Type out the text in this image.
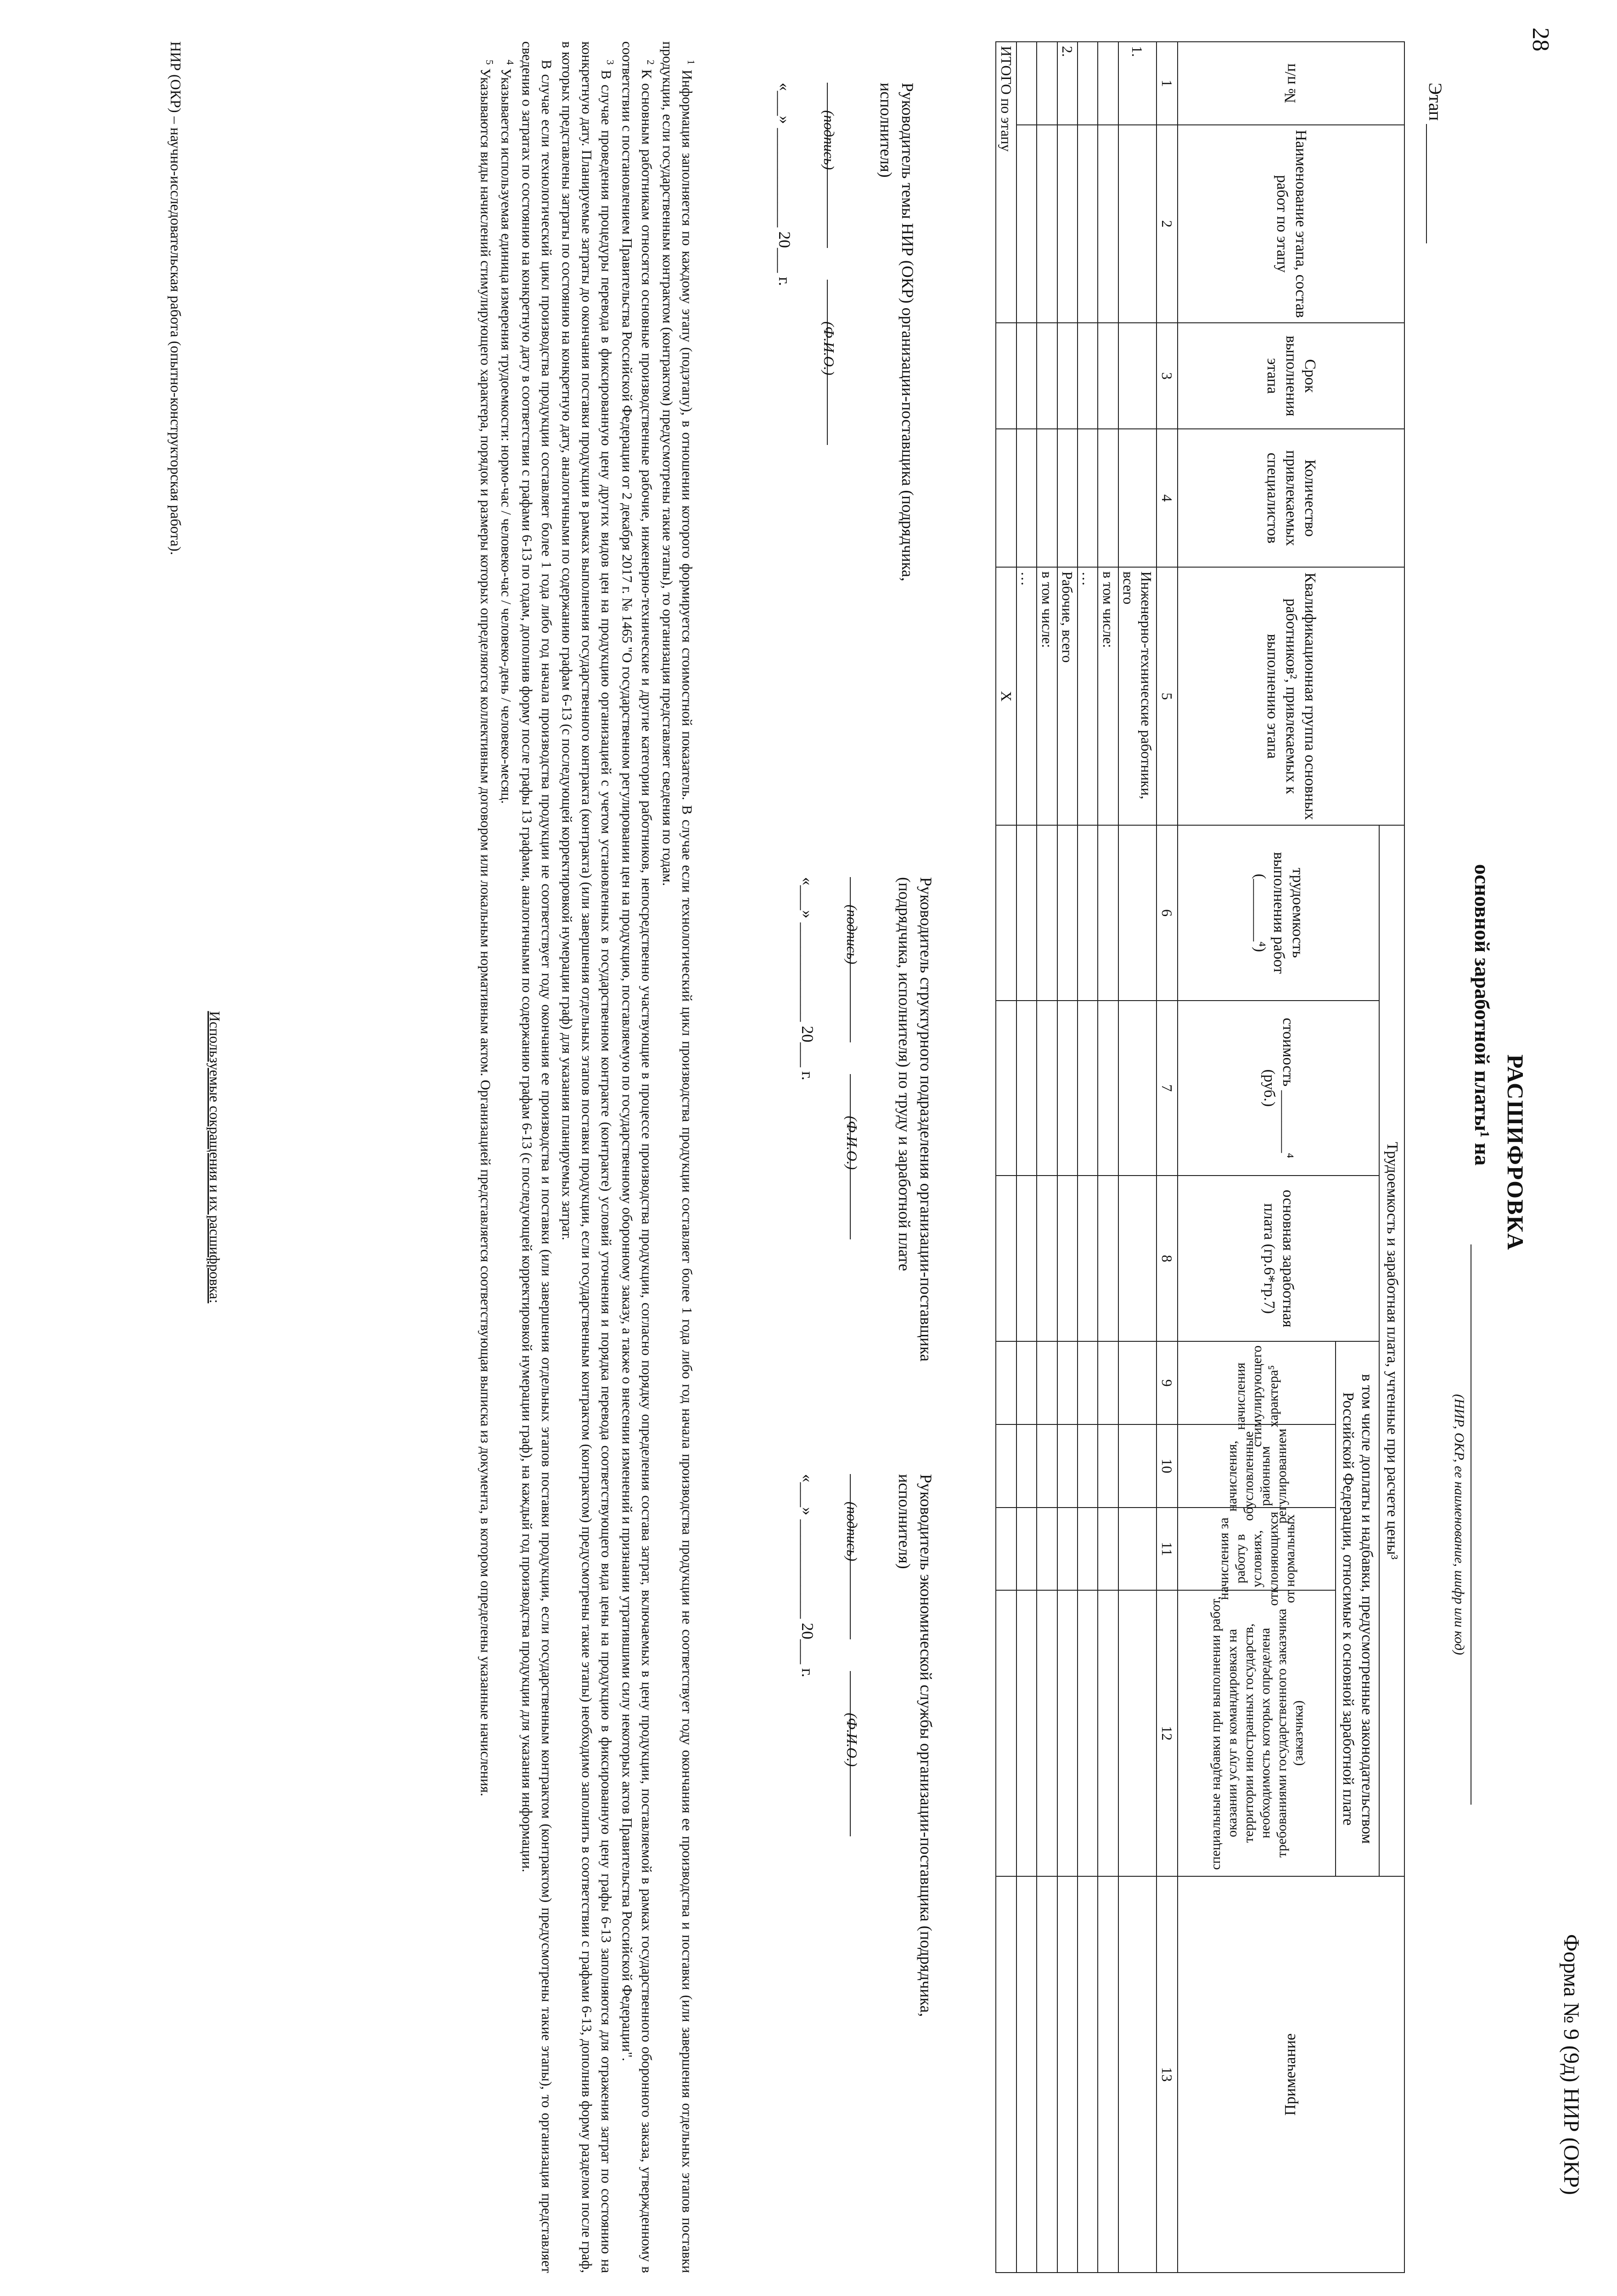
28
Форма № 9 (9д) НИР (ОКР)
РАСШИФРОВКА
основной заработной платы¹ на
(НИР, ОКР, ее наименование, шифр или код)
Этап
№ п/п	Наименование этапа, состав работ по этапу	Срок выполнения этапа	Количество привлекаемых специалистов	Квалификационная группа основных работников², привлекаемых к выполнению этапа	Трудоемкость и заработная плата, учтенные при расчете цены³							Примечание
					трудоемкость выполнения работ (________⁴)	стоимость ________⁴ (руб.)	основная заработная плата (гр.6*гр.7)	в том числе доплаты и надбавки, предусмотренные законодательством Российской Федерации, относимые к основной заработной плате				
								начисления стимулирующего характера⁵	начисления, обусловленные районным регулированием	начисления за работу в условиях, отклоняющихся от нормальных	специальные надбавки при выполнении работ, оказании услуг в командировках на территории иностранных государств, необходимость которых определена требованиями государственного заказчика (заказчика)	
1	2	3	4	5	6	7	8	9	10	11	12	13
1.				Инженерно-технические работники, всего								
				в том числе:								
				…								
2.				Рабочие, всего								
				в том числе:								
				…								
ИТОГО по этапу				Х								
Руководитель темы НИР (ОКР) организации-поставщика (подрядчика, исполнителя)

(подпись)
(Ф.И.О.)
«___» ____________ 20___ г.
Руководитель структурного подразделения организации-поставщика (подрядчика, исполнителя) по труду и заработной плате

(подпись)
(Ф.И.О.)
«___» ____________ 20___ г.
Руководитель экономической службы организации-поставщика (подрядчика, исполнителя)

(подпись)
(Ф.И.О.)
«___» ____________ 20___ г.

$^1$ Информация заполняется по каждому этапу (подэтапу), в отношении которого формируется стоимостной показатель. В случае если технологический цикл производства продукции составляет более 1 года либо год начала производства продукции не соответствует году окончания ее производства и поставки (или завершения отдельных этапов поставки продукции, если государственным контрактом (контрактом) предусмотрены такие этапы), то организация представляет сведения по годам.

$^2$ К основным работникам относятся основные производственные рабочие, инженерно-технические и другие категории работников, непосредственно участвующие в процессе производства продукции, согласно порядку определения состава затрат, включаемых в цену продукции, поставляемой в рамках государственного оборонного заказа, утвержденному в соответствии с постановлением Правительства Российской Федерации от 2 декабря 2017 г. № 1465 "О государственном регулировании цен на продукцию, поставляемую по государственному оборонному заказу, а также о внесении изменений и признании утратившими силу некоторых актов Правительства Российской Федерации".

$^3$ В случае проведения процедуры перевода в фиксированную цену других видов цен на продукцию организацией с учетом установленных в государственном контракте (контракте) условий уточнения и порядка перевода соответствующего вида цены на продукцию в фиксированную цену графы 6-13 заполняются для отражения затрат по состоянию на конкретную дату. Планируемые затраты до окончания поставки продукции в рамках выполнения государственного контракта (контракта) (или завершения отдельных этапов поставки продукции, если государственным контрактом (контрактом) предусмотрены такие этапы) необходимо заполнить в соответствии с графами 6-13, дополнив форму разделом после граф, в которых представлены затраты по состоянию на конкретную дату, аналогичными по содержанию графам 6-13 (с последующей корректировкой нумерации граф) для указания планируемых затрат.

В случае если технологический цикл производства продукции составляет более 1 года либо год начала производства продукции не соответствует году окончания ее производства и поставки (или завершения отдельных этапов поставки продукции, если государственным контрактом (контрактом) предусмотрены такие этапы), то организация представляет сведения о затратах по состоянию на конкретную дату в соответствии с графами 6-13 по годам, дополнив форму после графы 13 графами, аналогичными по содержанию графам 6-13 (с последующей корректировкой нумерации граф), на каждый год производства продукции для указания информации.

$^4$ Указывается используемая единица измерения трудоемкости: нормо-час / человеко-час / человеко-день / человеко-месяц.

$^5$ Указываются виды начислений стимулирующего характера, порядок и размеры которых определяются коллективным договором или локальным нормативным актом. Организацией представляется соответствующая выписка из документа, в котором определены указанные начисления.

Используемые сокращения и их расшифровка:
НИР (ОКР) – научно-исследовательская работа (опытно-конструкторская работа).
